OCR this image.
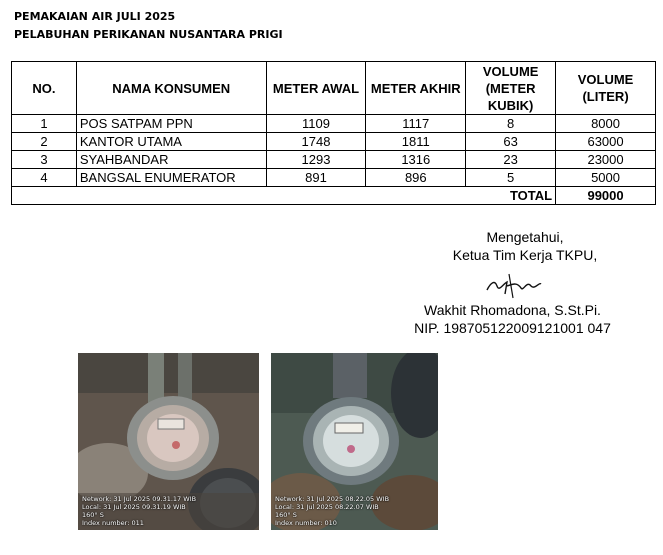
PEMAKAIAN AIR JULI 2025
PELABUHAN PERIKANAN NUSANTARA PRIGI
NO.	NAMA KONSUMEN	METER AWAL	METER AKHIR	VOLUME (METER KUBIK)	VOLUME (LITER)
1	POS SATPAM PPN	1109	1117	8	8000
2	KANTOR UTAMA	1748	1811	63	63000
3	SYAHBANDAR	1293	1316	23	23000
4	BANGSAL ENUMERATOR	891	896	5	5000
				TOTAL	99000
Mengetahui,
Ketua Tim Kerja TKPU,
Wakhit Rhomadona, S.St.Pi.
NIP. 198705122009121001 047
Network: 31 Jul 2025 09.31.17 WIB
Local: 31 Jul 2025 09.31.19 WIB
160° S
Index number: 011
Network: 31 Jul 2025 08.22.05 WIB
Local: 31 Jul 2025 08.22.07 WIB
160° S
Index number: 010
